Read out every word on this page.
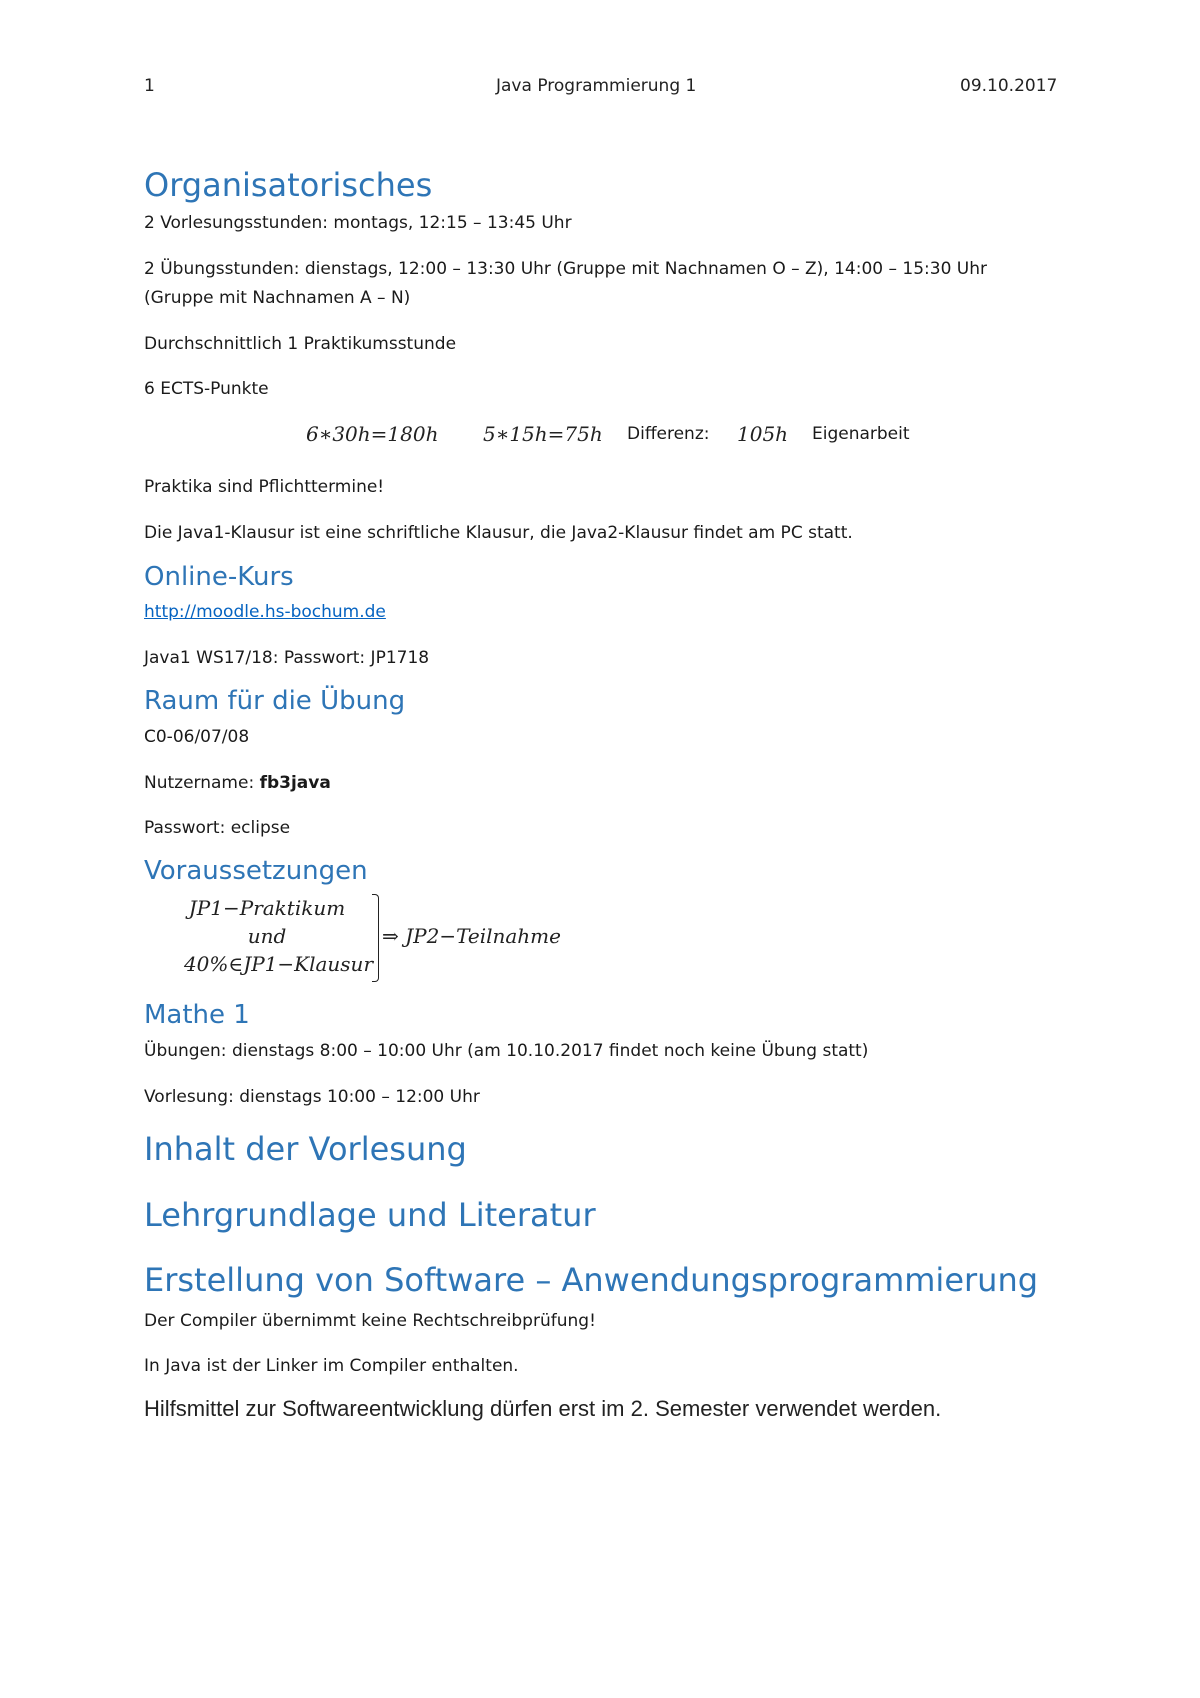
1	Java Programmierung 1	09.10.2017
Organisatorisches
2 Vorlesungsstunden: montags, 12:15 – 13:45 Uhr
2 Übungsstunden: dienstags, 12:00 – 13:30 Uhr (Gruppe mit Nachnamen O – Z), 14:00 – 15:30 Uhr
(Gruppe mit Nachnamen A – N)
Durchschnittlich 1 Praktikumsstunde
6 ECTS-Punkte
6∗30h=180h 5∗15h=75h Differenz: 105h Eigenarbeit
Praktika sind Pflichttermine!
Die Java1-Klausur ist eine schriftliche Klausur, die Java2-Klausur findet am PC statt.
Online-Kurs
http://moodle.hs-bochum.de
Java1 WS17/18: Passwort: JP1718
Raum für die Übung
C0-06/07/08
Nutzername: fb3java
Passwort: eclipse
Voraussetzungen
JP1−Praktikum
und
40%∈JP1−Klausur
⇒ JP2−Teilnahme
Mathe 1
Übungen: dienstags 8:00 – 10:00 Uhr (am 10.10.2017 findet noch keine Übung statt)
Vorlesung: dienstags 10:00 – 12:00 Uhr
Inhalt der Vorlesung
Lehrgrundlage und Literatur
Erstellung von Software – Anwendungsprogrammierung
Der Compiler übernimmt keine Rechtschreibprüfung!
In Java ist der Linker im Compiler enthalten.
Hilfsmittel zur Softwareentwicklung dürfen erst im 2. Semester verwendet werden.
